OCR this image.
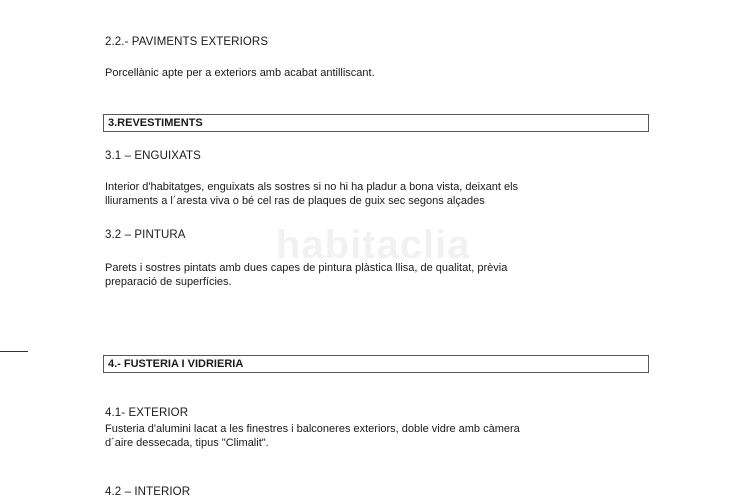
habitaclia
2.2.- PAVIMENTS EXTERIORS
Porcellànic apte per a exteriors amb acabat antilliscant.
3.REVESTIMENTS
3.1 – ENGUIXATS
Interior d'habitatges, enguixats als sostres si no hi ha pladur a bona vista, deixant els
lliuraments a l´aresta viva o bé cel ras de plaques de guix sec segons alçades
3.2 – PINTURA
Parets i sostres pintats amb dues capes de pintura plàstica llisa, de qualitat, prèvia
preparació de superfícies.
4.- FUSTERIA I VIDRIERIA
4.1- EXTERIOR
Fusteria d'alumini lacat a les finestres i balconeres exteriors, doble vidre amb càmera
d´aire dessecada, tipus "Climalit".
4.2 – INTERIOR
